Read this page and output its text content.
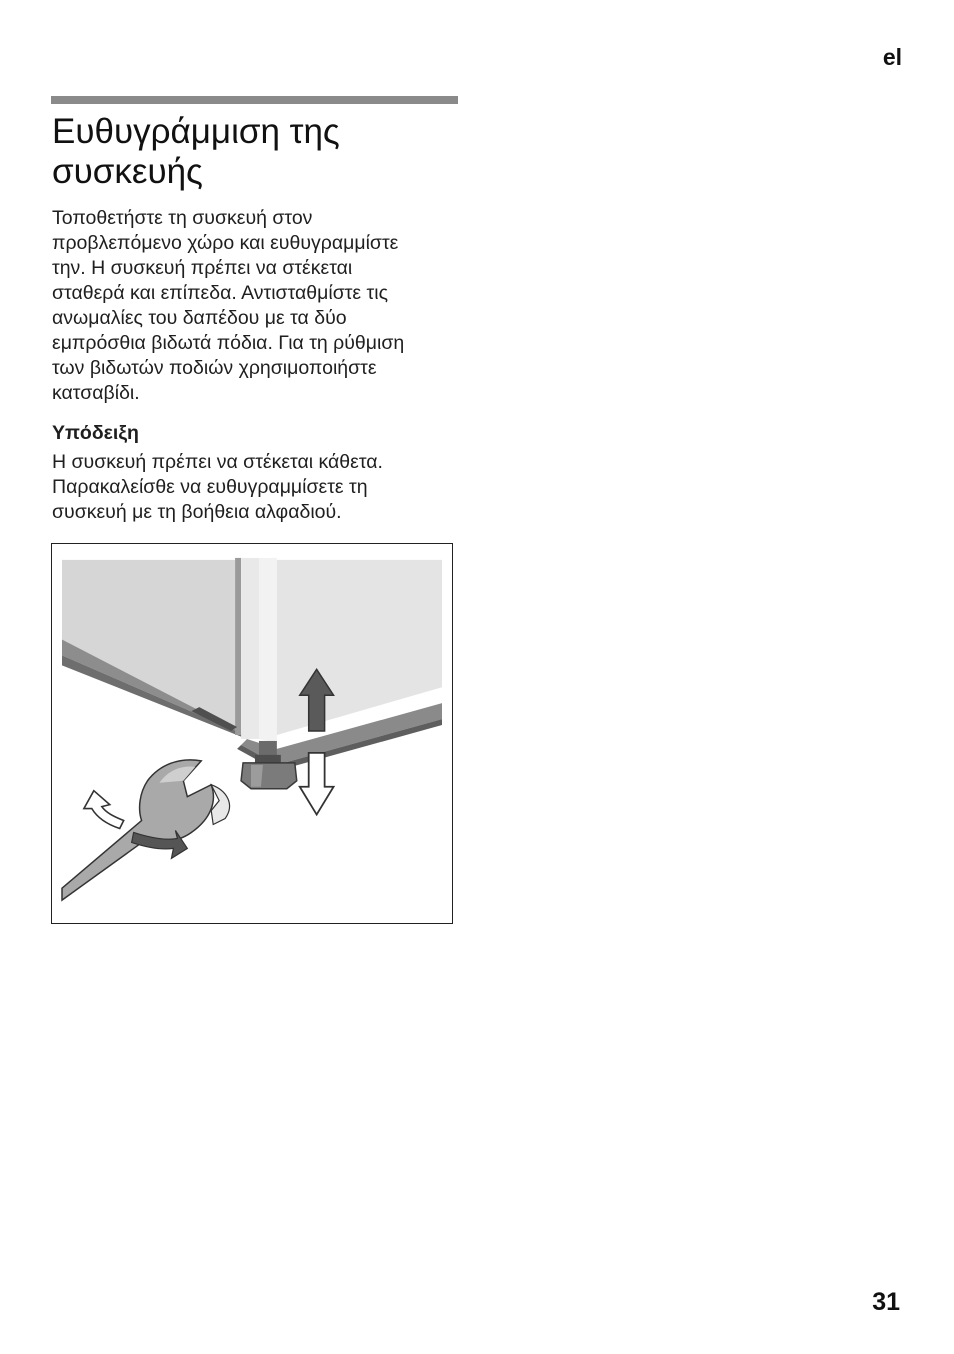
el
Ευθυγράμμιση της
συσκευής

Τοποθετήστε τη συσκευή στον
προβλεπόμενο χώρο και ευθυγραμμίστε
την. Η συσκευή πρέπει να στέκεται
σταθερά και επίπεδα. Αντισταθμίστε τις
ανωμαλίες του δαπέδου με τα δύο
εμπρόσθια βιδωτά πόδια. Για τη ρύθμιση
των βιδωτών ποδιών χρησιμοποιήστε
κατσαβίδι.

Υπόδειξη

Η συσκευή πρέπει να στέκεται κάθετα.
Παρακαλείσθε να ευθυγραμμίσετε τη
συσκευή με τη βοήθεια αλφαδιού.

31
